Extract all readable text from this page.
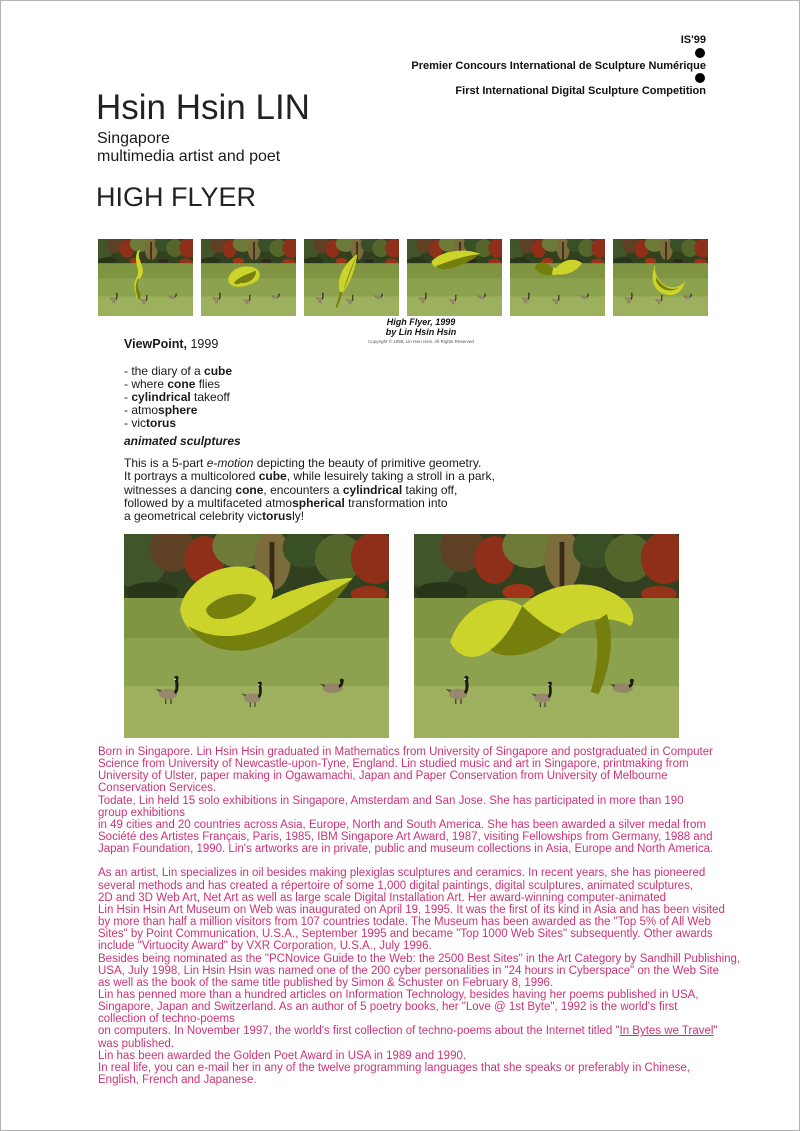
IS'99
Premier Concours International de Sculpture Numérique
First International Digital Sculpture Competition
Hsin Hsin LIN
Singapore
multimedia artist and poet
HIGH FLYER
High Flyer, 1999
by Lin Hsin Hsin
Copyright © 1999, Lin Hsin Hsin. All Rights Reserved
ViewPoint, 1999
- the diary of a cube
- where cone flies
- cylindrical takeoff
- atmosphere
- victorus
animated sculptures
This is a 5-part e-motion depicting the beauty of primitive geometry.
It portrays a multicolored cube, while lesuirely taking a stroll in a park,
witnesses a dancing cone, encounters a cylindrical taking off,
followed by a multifaceted atmospherical transformation into
a geometrical celebrity victorusly!
Born in Singapore. Lin Hsin Hsin graduated in Mathematics from University of Singapore and postgraduated in Computer
Science from University of Newcastle-upon-Tyne, England. Lin studied music and art in Singapore, printmaking from
University of Ulster, paper making in Ogawamachi, Japan and Paper Conservation from University of Melbourne
Conservation Services.
Todate, Lin held 15 solo exhibitions in Singapore, Amsterdam and San Jose. She has participated in more than 190
group exhibitions
in 49 cities and 20 countries across Asia, Europe, North and South America. She has been awarded a silver medal from
Société des Artistes Français, Paris, 1985, IBM Singapore Art Award, 1987, visiting Fellowships from Germany, 1988 and
Japan Foundation, 1990. Lin's artworks are in private, public and museum collections in Asia, Europe and North America.
As an artist, Lin specializes in oil besides making plexiglas sculptures and ceramics. In recent years, she has pioneered
several methods and has created a répertoire of some 1,000 digital paintings, digital sculptures, animated sculptures,
2D and 3D Web Art, Net Art as well as large scale Digital Installation Art. Her award-winning computer-animated
Lin Hsin Hsin Art Museum on Web was inaugurated on April 19, 1995. It was the first of its kind in Asia and has been visited
by more than half a million visitors from 107 countries todate. The Museum has been awarded as the "Top 5% of All Web
Sites" by Point Communication, U.S.A., September 1995 and became "Top 1000 Web Sites" subsequently. Other awards
include "Virtuocity Award" by VXR Corporation, U.S.A., July 1996.
Besides being nominated as the "PCNovice Guide to the Web: the 2500 Best Sites" in the Art Category by Sandhill Publishing,
USA, July 1998, Lin Hsin Hsin was named one of the 200 cyber personalities in "24 hours in Cyberspace" on the Web Site
as well as the book of the same title published by Simon & Schuster on February 8, 1996.
Lin has penned more than a hundred articles on Information Technology, besides having her poems published in USA,
Singapore, Japan and Switzerland. As an author of 5 poetry books, her "Love @ 1st Byte", 1992 is the world's first
collection of techno-poems
on computers. In November 1997, the world's first collection of techno-poems about the Internet titled "In Bytes we Travel"
was published.
Lin has been awarded the Golden Poet Award in USA in 1989 and 1990.
In real life, you can e-mail her in any of the twelve programming languages that she speaks or preferably in Chinese,
English, French and Japanese.
